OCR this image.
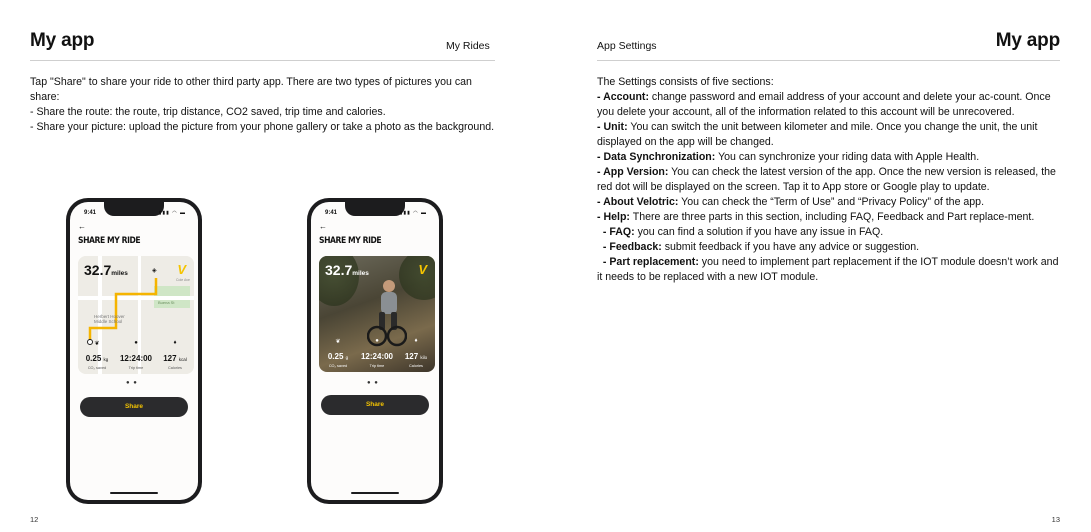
My app	My Rides

Tap "Share" to share your ride to other third party app. There are two types of pictures you can share:

- Share the route: the route, trip distance, CO2 saved, trip time and calories.

- Share your picture: upload the picture from your phone gallery or take a photo as the background.

9:41	▮▮▮ ◠ ▬
←
SHARE MY RIDE
Herbert Hoover Middle School
Buena St
Cole Ave
32.7miles	◈ V
❦
0.25 kg
CO₂ saved
●
12:24:00
Trip time
♦
127 kcal
Calories
● ●
Share
9:41	▮▮▮ ◠ ▬
←
SHARE MY RIDE
32.7miles	V
❦
0.25 g
CO₂ saved
●
12:24:00
Trip time
♦
127 kilo
Calories
● ●
Share
12
App Settings	My app

The Settings consists of five sections:

- Account: change password and email address of your account and delete your ac-count. Once you delete your account, all of the information related to this account will be unrecovered.

- Unit: You can switch the unit between kilometer and mile. Once you change the unit, the unit displayed on the app will be changed.

- Data Synchronization: You can synchronize your riding data with Apple Health.

- App Version: You can check the latest version of the app. Once the new version is released, the red dot will be displayed on the screen. Tap it to App store or Google play to update.

- About Velotric: You can check the “Term of Use” and “Privacy Policy” of the app.

- Help: There are three parts in this section, including FAQ, Feedback and Part replace-ment.

- FAQ: you can find a solution if you have any issue in FAQ.

- Feedback: submit feedback if you have any advice or suggestion.

- Part replacement: you need to implement part replacement if the IOT module doesn’t work and it needs to be replaced with a new IOT module.

13
